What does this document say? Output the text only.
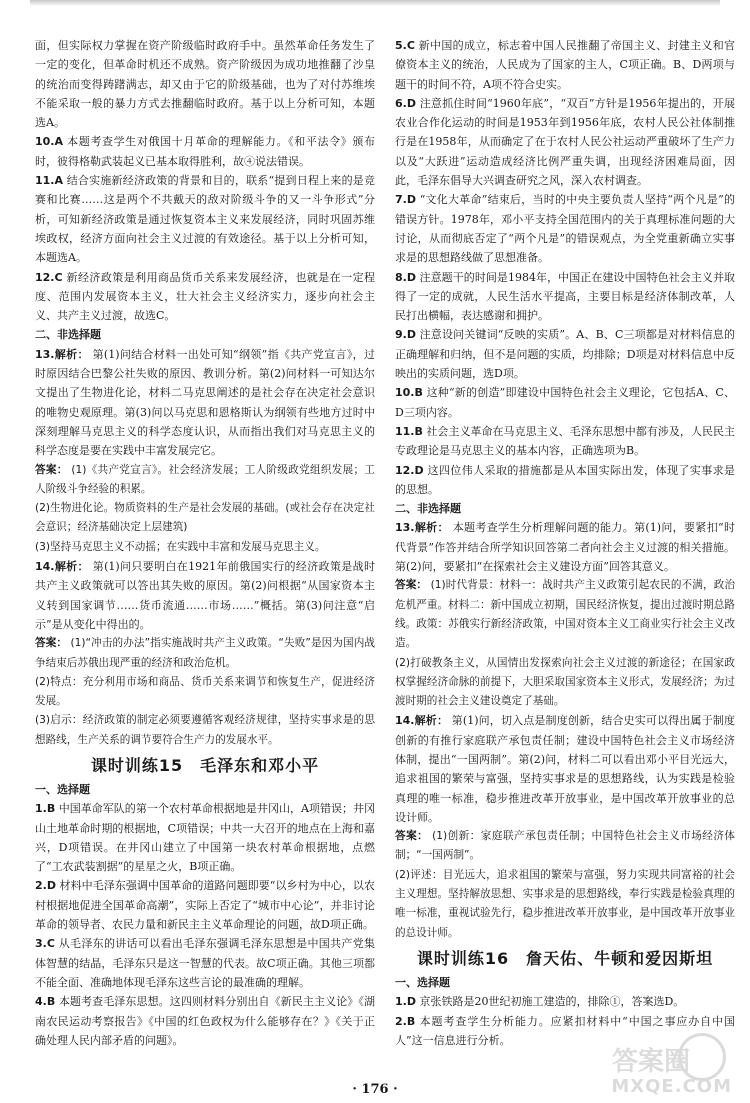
面，但实际权力掌握在资产阶级临时政府手中。虽然革命任务发生了一定的变化，但革命时机还不成熟。资产阶级因为成功地推翻了沙皇的统治而变得踌躇满志，却又由于它的阶级基础，也为了对付苏维埃不能采取一般的暴力方式去推翻临时政府。基于以上分析可知，本题选A。

10.A 本题考查学生对俄国十月革命的理解能力。《和平法令》颁布时，彼得格勒武装起义已基本取得胜利，故④说法错误。

11.A 结合实施新经济政策的背景和目的，联系“提到日程上来的是竞赛和比赛……这是两个不共戴天的敌对阶级斗争的又一斗争形式”分析，可知新经济政策是通过恢复资本主义来发展经济，同时巩固苏维埃政权，经济方面向社会主义过渡的有效途径。基于以上分析可知，本题选A。

12.C 新经济政策是利用商品货币关系来发展经济，也就是在一定程度、范围内发展资本主义，壮大社会主义经济实力，逐步向社会主义、共产主义过渡，故选C。

二、非选择题

13.解析： 第(1)问结合材料一出处可知“纲领”指《共产党宣言》，过时原因结合巴黎公社失败的原因、教训分析。第(2)问材料一可知达尔文提出了生物进化论，材料二马克思阐述的是社会存在决定社会意识的唯物史观原理。第(3)问以马克思和恩格斯认为纲领有些地方过时中深刻理解马克思主义的科学态度认识，从而指出我们对马克思主义的科学态度是要在实践中丰富发展完它。

答案： (1)《共产党宣言》。社会经济发展；工人阶级政党组织发展；工人阶级斗争经验的积累。

(2)生物进化论。物质资料的生产是社会发展的基础。(或社会存在决定社会意识；经济基础决定上层建筑)

(3)坚持马克思主义不动摇；在实践中丰富和发展马克思主义。

14.解析： 第(1)问只要明白在1921年前俄国实行的经济政策是战时共产主义政策就可以答出其失败的原因。第(2)问根据“从国家资本主义转到国家调节……货币流通……市场……”概括。第(3)问注意“启示”是从变化中得出的。

答案： (1)“冲击的办法”指实施战时共产主义政策。“失败”是因为国内战争结束后苏俄出现严重的经济和政治危机。

(2)特点：充分利用市场和商品、货币关系来调节和恢复生产，促进经济发展。

(3)启示：经济政策的制定必须要遵循客观经济规律，坚持实事求是的思想路线，生产关系的调节要符合生产力的发展水平。

课时训练15　毛泽东和邓小平
一、选择题

1.B 中国革命军队的第一个农村革命根据地是井冈山，A项错误；井冈山土地革命时期的根据地，C项错误；中共一大召开的地点在上海和嘉兴，D项错误。在井冈山建立了中国第一块农村革命根据地，点燃了“工农武装割据”的星星之火，B项正确。

2.D 材料中毛泽东强调中国革命的道路问题即要“以乡村为中心，以农村根据地促进全国革命高潮”，实际上否定了“城市中心论”，并非讨论革命的领导者、农民力量和新民主主义革命理论的问题，故D项正确。

3.C 从毛泽东的讲话可以看出毛泽东强调毛泽东思想是中国共产党集体智慧的结晶，毛泽东只是这一智慧的代表。故C项正确。其他三项都不能全面、准确地体现毛泽东这些言论的最准确的理解。

4.B 本题考查毛泽东思想。这四则材料分别出自《新民主主义论》《湖南农民运动考察报告》《中国的红色政权为什么能够存在？》《关于正确处理人民内部矛盾的问题》。

5.C 新中国的成立，标志着中国人民推翻了帝国主义、封建主义和官僚资本主义的统治，人民成为了国家的主人，C项正确。B、D两项与题干的时间不符，A项不符合史实。

6.D 注意抓住时间“1960年底”，“双百”方针是1956年提出的，开展农业合作化运动的时间是1953年到1956年底，农村人民公社体制推行是在1958年，从而确定了在于农村人民公社运动严重破坏了生产力以及“大跃进”运动造成经济比例严重失调，出现经济困难局面，因此，毛泽东倡导大兴调查研究之风，深入农村调查。

7.D “文化大革命”结束后，当时的中央主要负责人坚持“两个凡是”的错误方针。1978年，邓小平支持全国范围内的关于真理标准问题的大讨论，从而彻底否定了“两个凡是”的错误观点，为全党重新确立实事求是的思想路线做了思想准备。

8.D 注意题干的时间是1984年，中国正在建设中国特色社会主义并取得了一定的成就，人民生活水平提高，主要目标是经济体制改革，人民打出横幅，表达感谢和拥护。

9.D 注意设问关键词“反映的实质”。A、B、C三项都是对材料信息的正确理解和归纳，但不是问题的实质，均排除；D项是对材料信息中反映出的实质问题，选D项。

10.B 这种“新的创造”即建设中国特色社会主义理论，它包括A、C、D三项内容。

11.B 社会主义革命在马克思主义、毛泽东思想中都有涉及，人民民主专政理论是马克思主义的基本内容，正确选项为B。

12.D 这四位伟人采取的措施都是从本国实际出发，体现了实事求是的思想。

二、非选择题

13.解析： 本题考查学生分析理解问题的能力。第(1)问，要紧扣“时代背景”作答并结合所学知识回答第二者向社会主义过渡的相关措施。第(2)问，要紧扣“在探索社会主义建设方面”回答其意义。

答案： (1)时代背景：材料一：战时共产主义政策引起农民的不满，政治危机严重。材料二：新中国成立初期，国民经济恢复，提出过渡时期总路线。政策：苏俄实行新经济政策，中国对资本主义工商业实行社会主义改造。

(2)打破教条主义，从国情出发探索向社会主义过渡的新途径；在国家政权掌握经济命脉的前提下，大胆采取国家资本主义形式，发展经济；为过渡时期的社会主义建设奠定了基础。

14.解析： 第(1)问，切入点是制度创新，结合史实可以得出属于制度创新的有推行家庭联产承包责任制；建设中国特色社会主义市场经济体制，提出“一国两制”。第(2)问，材料二可以看出邓小平目光远大，追求祖国的繁荣与富强，坚持实事求是的思想路线，认为实践是检验真理的唯一标准，稳步推进改革开放事业，是中国改革开放事业的总设计师。

答案： (1)创新：家庭联产承包责任制；中国特色社会主义市场经济体制；“一国两制”。

(2)评述：目光远大，追求祖国的繁荣与富强，努力实现共同富裕的社会主义理想。坚持解放思想、实事求是的思想路线，奉行实践是检验真理的唯一标准，重视试验先行，稳步推进改革开放事业，是中国改革开放事业的总设计师。

课时训练16　詹天佑、牛顿和爱因斯坦
一、选择题

1.D 京张铁路是20世纪初施工建造的，排除①，答案选D。

2.B 本题考查学生分析能力。应紧扣材料中“中国之事应办自中国人”这一信息进行分析。

· 176 ·
答案圈
MXQE.COM
